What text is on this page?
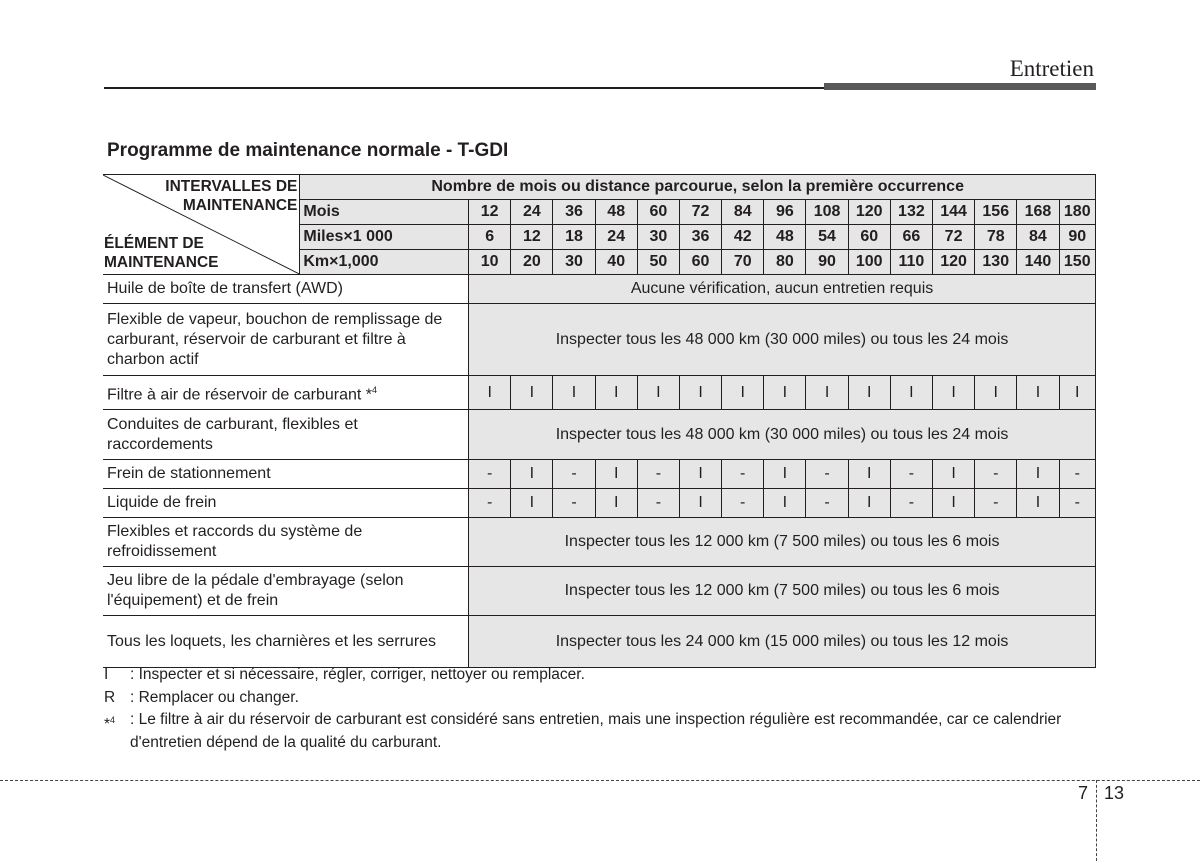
Entretien
Programme de maintenance normale - T-GDI
INTERVALLES DE
MAINTENANCE
ÉLÉMENT DE
MAINTENANCE	Nombre de mois ou distance parcourue, selon la première occurrence															
	Mois	12	24	36	48	60	72	84	96	108	120	132	144	156	168	180
	Miles×1 000	6	12	18	24	30	36	42	48	54	60	66	72	78	84	90
	Km×1,000	10	20	30	40	50	60	70	80	90	100	110	120	130	140	150
Huile de boîte de transfert (AWD)		Aucune vérification, aucun entretien requis														
Flexible de vapeur, bouchon de remplissage de carburant, réservoir de carburant et filtre à charbon actif		Inspecter tous les 48 000 km (30 000 miles) ou tous les 24 mois														
Filtre à air de réservoir de carburant *$^4$		I	I	I	I	I	I	I	I	I	I	I	I	I	I	I
Conduites de carburant, flexibles et raccordements		Inspecter tous les 48 000 km (30 000 miles) ou tous les 24 mois														
Frein de stationnement		-	I	-	I	-	I	-	I	-	I	-	I	-	I	-
Liquide de frein		-	I	-	I	-	I	-	I	-	I	-	I	-	I	-
Flexibles et raccords du système de refroidissement		Inspecter tous les 12 000 km (7 500 miles) ou tous les 6 mois														
Jeu libre de la pédale d'embrayage (selon l'équipement) et de frein		Inspecter tous les 12 000 km (7 500 miles) ou tous les 6 mois														
Tous les loquets, les charnières et les serrures		Inspecter tous les 24 000 km (15 000 miles) ou tous les 12 mois														
I	: Inspecter et si nécessaire, régler, corriger, nettoyer ou remplacer.
R : Remplacer ou changer.
*$^4$ : Le filtre à air du réservoir de carburant est considéré sans entretien, mais une inspection régulière est recommandée, car ce calendrier d'entretien dépend de la qualité du carburant.
7 13
